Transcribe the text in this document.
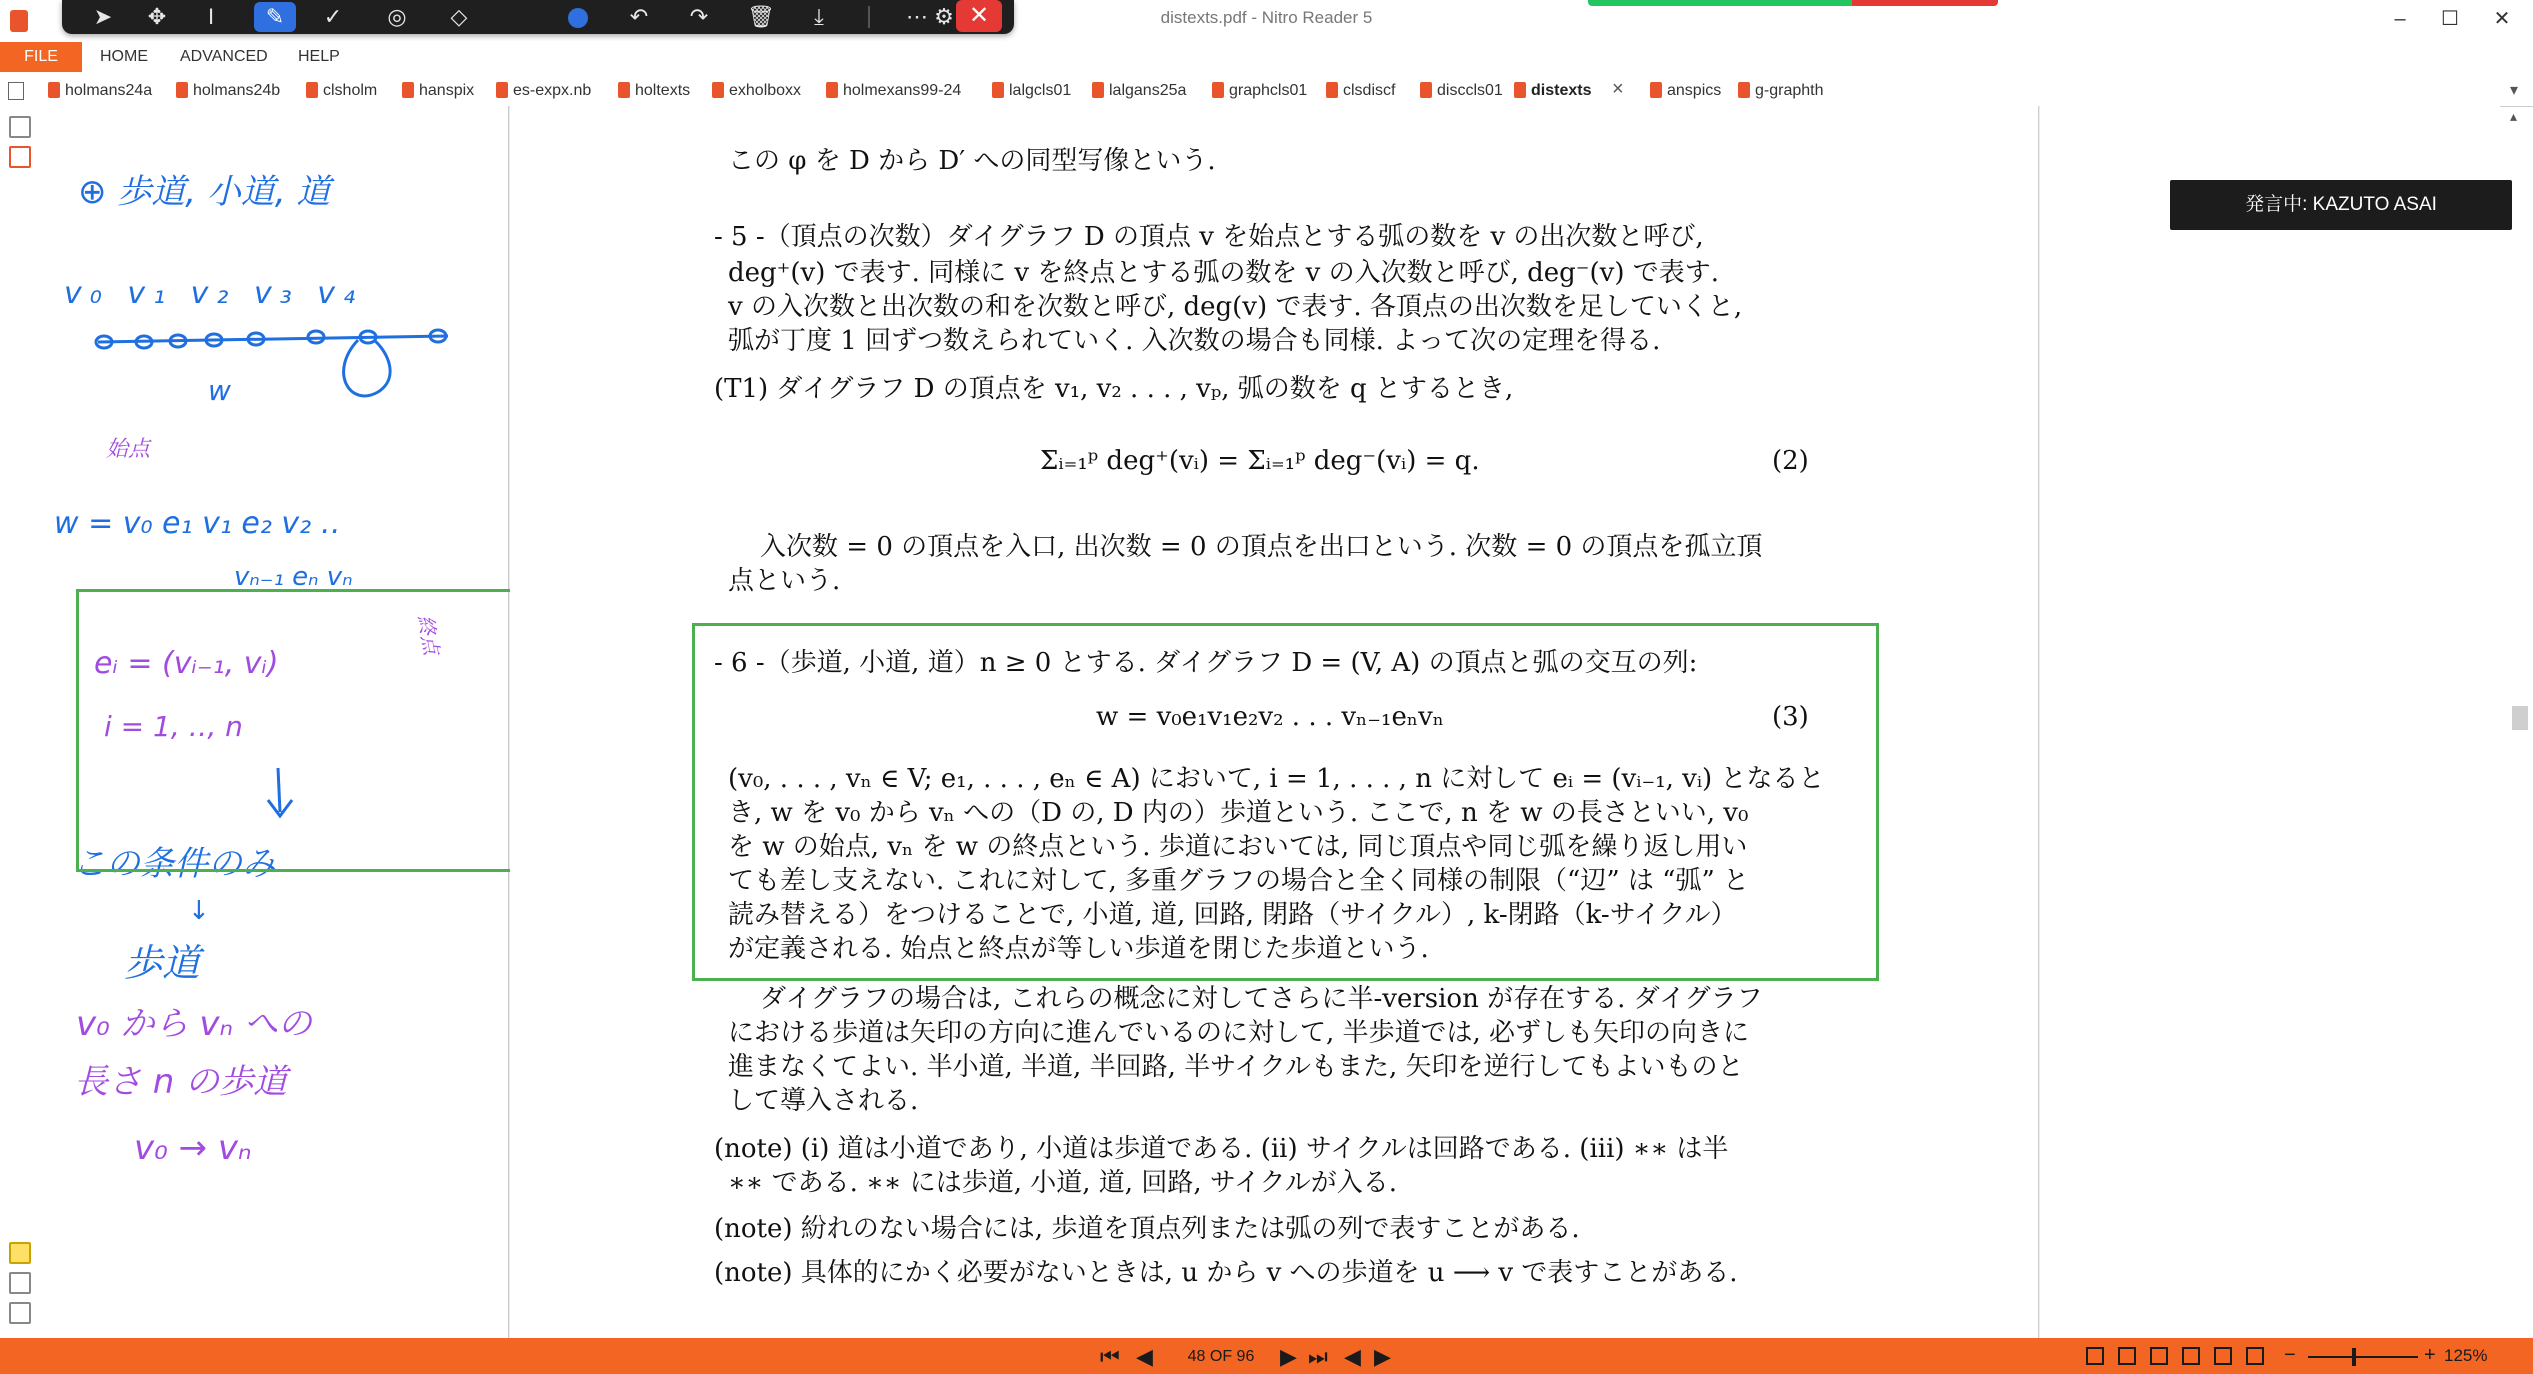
distexts.pdf - Nitro Reader 5	–	☐	✕
➤	✥	I	✎	✓	◎	◇	↶	↷	🗑	⤓	⋯ ⚙ ✕
FILE	HOME ADVANCED HELP
holmans24a	holmans24b	clsholm	hanspix	es-expx.nb	holtexts	exholboxx	holmexans99-24	lalgcls01	lalgans25a	graphcls01	clsdiscf	disccls01	distexts ×	anspics	g-graphth	▾
⊕ 歩道, 小道, 道
v₀ v₁ v₂ v₃ v₄
w
始点
w = v₀ e₁ v₁ e₂ v₂ ‥
vₙ₋₁ eₙ vₙ
終点
eᵢ = (vᵢ₋₁, vᵢ)
i = 1, ‥, n
この条件のみ
↓
歩道
v₀ から vₙ への
長さ n の歩道
v₀ → vₙ
この φ を D から D′ への同型写像という.
- 5 -（頂点の次数）ダイグラフ D の頂点 v を始点とする弧の数を v の出次数と呼び,
deg⁺(v) で表す. 同様に v を終点とする弧の数を v の入次数と呼び, deg⁻(v) で表す.
v の入次数と出次数の和を次数と呼び, deg(v) で表す. 各頂点の出次数を足していくと,
弧が丁度 1 回ずつ数えられていく. 入次数の場合も同様. よって次の定理を得る.
(T1) ダイグラフ D の頂点を v₁, v₂ . . . , vₚ, 弧の数を q とするとき,
Σᵢ₌₁ᵖ deg⁺(vᵢ) = Σᵢ₌₁ᵖ deg⁻(vᵢ) = q.	(2)
入次数 = 0 の頂点を入口, 出次数 = 0 の頂点を出口という. 次数 = 0 の頂点を孤立頂
点という.
- 6 -（歩道, 小道, 道）n ≥ 0 とする. ダイグラフ D = (V, A) の頂点と弧の交互の列:
w = v₀e₁v₁e₂v₂ . . . vₙ₋₁eₙvₙ	(3)
(v₀, . . . , vₙ ∈ V; e₁, . . . , eₙ ∈ A) において, i = 1, . . . , n に対して eᵢ = (vᵢ₋₁, vᵢ) となると
き, w を v₀ から vₙ への（D の, D 内の）歩道という. ここで, n を w の長さといい, v₀
を w の始点, vₙ を w の終点という. 歩道においては, 同じ頂点や同じ弧を繰り返し用い
ても差し支えない. これに対して, 多重グラフの場合と全く同様の制限（“辺” は “弧” と
読み替える）をつけることで, 小道, 道, 回路, 閉路（サイクル）, k-閉路（k-サイクル）
が定義される. 始点と終点が等しい歩道を閉じた歩道という.
ダイグラフの場合は, これらの概念に対してさらに半-version が存在する. ダイグラフ
における歩道は矢印の方向に進んでいるのに対して, 半歩道では, 必ずしも矢印の向きに
進まなくてよい. 半小道, 半道, 半回路, 半サイクルもまた, 矢印を逆行してもよいものと
して導入される.
(note) (i) 道は小道であり, 小道は歩道である. (ii) サイクルは回路である. (iii) ∗∗ は半
∗∗ である. ∗∗ には歩道, 小道, 道, 回路, サイクルが入る.
(note) 紛れのない場合には, 歩道を頂点列または弧の列で表すことがある.
(note) 具体的にかく必要がないときは, u から v への歩道を u ⟶ v で表すことがある.
発言中: KAZUTO ASAI
▴
⏮ ◀	48 OF 96	▶ ⏭ ◀ ▶	−	+ 125%
